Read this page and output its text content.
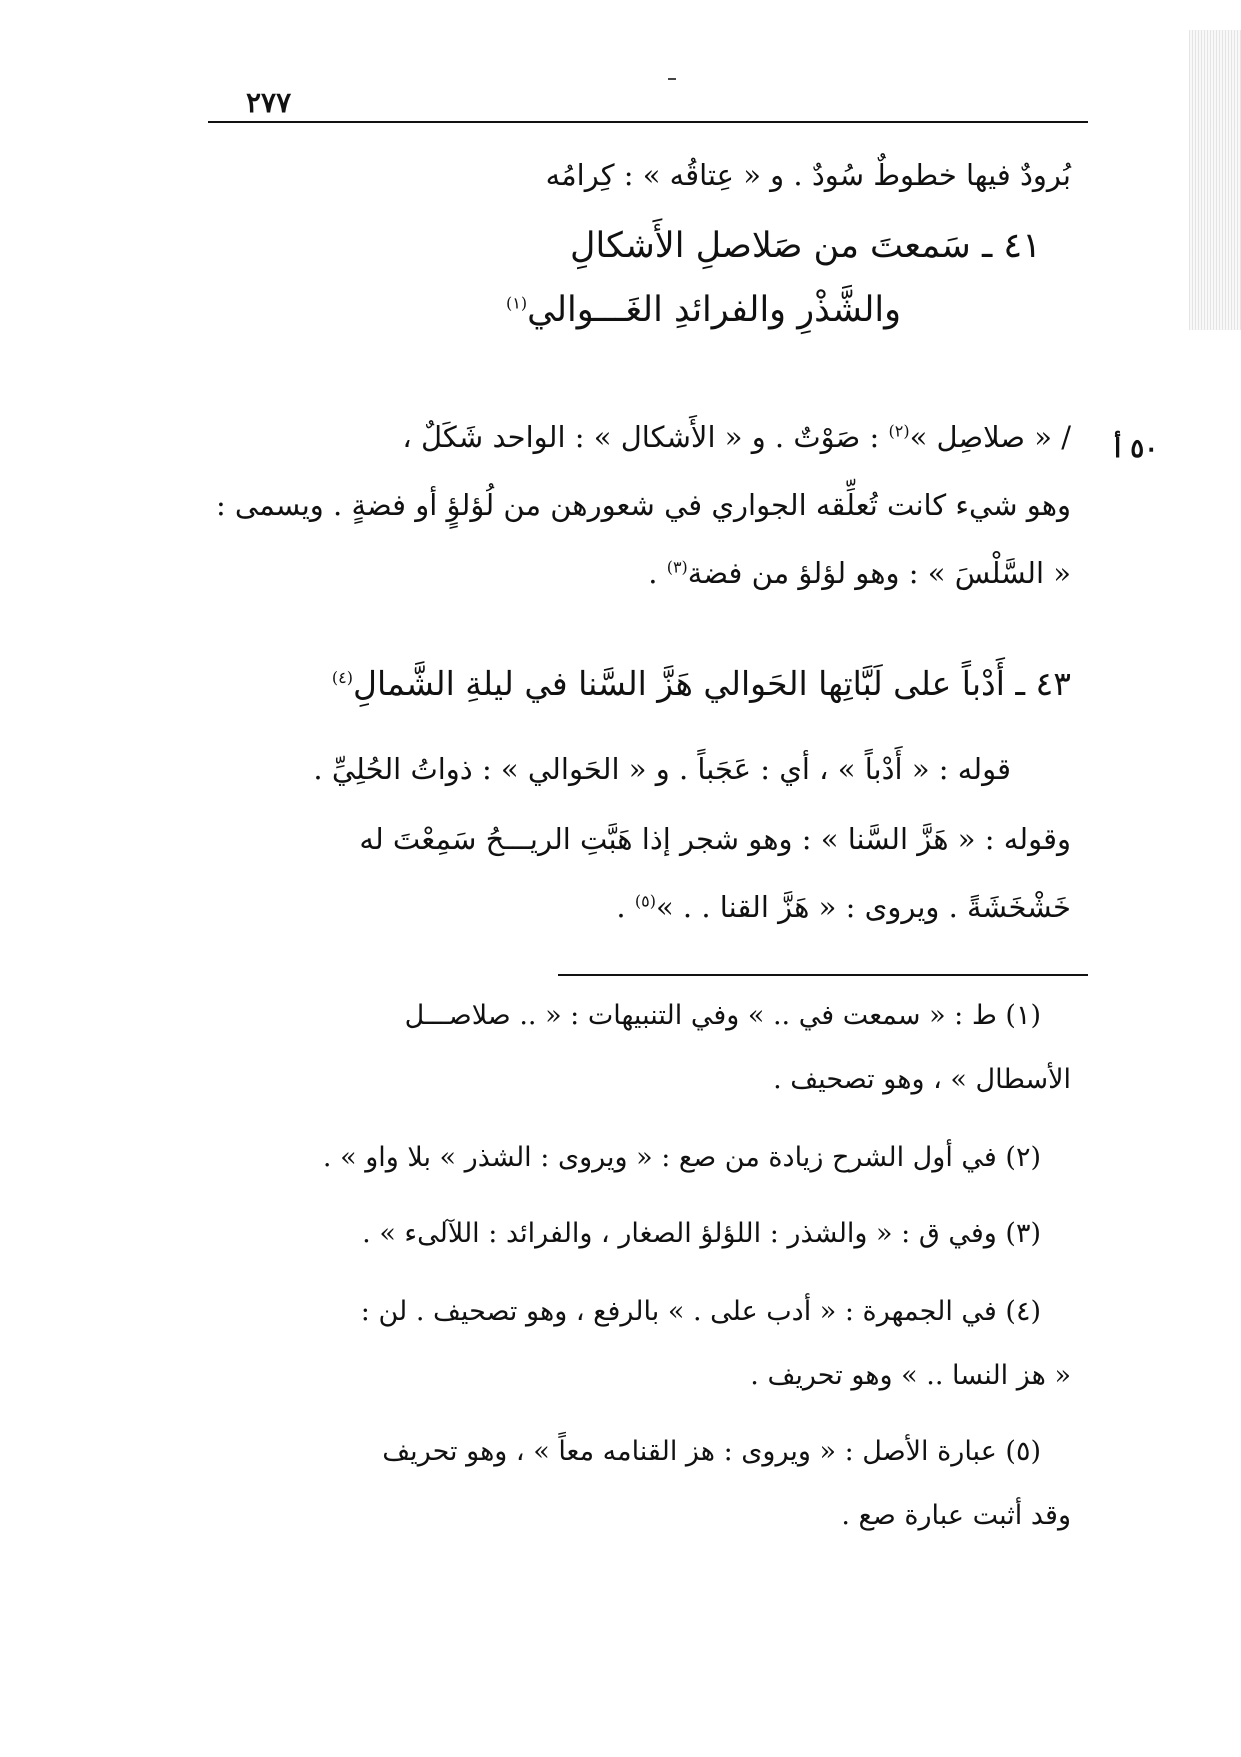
٢٧٧
٥٠ أ
بُرودٌ فيها خطوطٌ سُودٌ . و « عِتاقُه » : كِرامُه
٤١ ـ سَمعتَ من صَلاصلِ الأَشكالِ
والشَّذْرِ والفرائدِ الغَـــوالي$^{(١)}$
/ « صلاصِل »$^{(٢)}$ : صَوْتٌ . و « الأَشكال » : الواحد شَكَلٌ ،
وهو شيء كانت تُعلِّقه الجواري في شعورهن من لُؤلؤٍ أو فضةٍ . ويسمى :
« السَّلْسَ » : وهو لؤلؤ من فضة$^{(٣)}$ .
٤٣ ـ أَدْباً على لَبَّاتِها الحَوالي هَزَّ السَّنا في ليلةِ الشَّمالِ$^{(٤)}$
قوله : « أَدْباً » ، أي : عَجَباً . و « الحَوالي » : ذواتُ الحُلِيِّ .
وقوله : « هَزَّ السَّنا » : وهو شجر إذا هَبَّتِ الريـــحُ سَمِعْتَ له
خَشْخَشَةً . ويروى : « هَزَّ القنا . . »$^{(٥)}$ .
(١) ط : « سمعت في .. » وفي التنبيهات : « .. صلاصـــل
الأسطال » ، وهو تصحيف .
(٢) في أول الشرح زيادة من صع : « ويروى : الشذر » بلا واو » .
(٣) وفي ق : « والشذر : اللؤلؤ الصغار ، والفرائد : اللآلىء » .
(٤) في الجمهرة : « أدب على . » بالرفع ، وهو تصحيف . لن :
« هز النسا .. » وهو تحريف .
(٥) عبارة الأصل : « ويروى : هز القنامه معاً » ، وهو تحريف
وقد أثبت عبارة صع .
